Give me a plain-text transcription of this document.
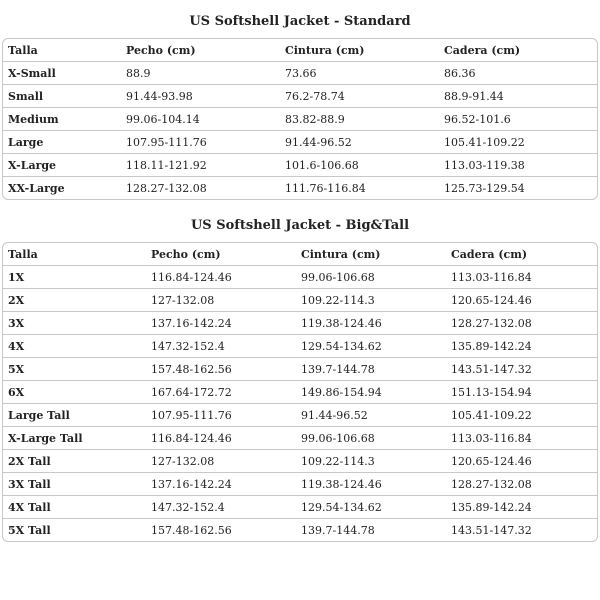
US Softshell Jacket - Standard
Talla	Pecho (cm)	Cintura (cm)	Cadera (cm)
X-Small	88.9	73.66	86.36
Small	91.44-93.98	76.2-78.74	88.9-91.44
Medium	99.06-104.14	83.82-88.9	96.52-101.6
Large	107.95-111.76	91.44-96.52	105.41-109.22
X-Large	118.11-121.92	101.6-106.68	113.03-119.38
XX-Large	128.27-132.08	111.76-116.84	125.73-129.54
US Softshell Jacket - Big&Tall
Talla	Pecho (cm)	Cintura (cm)	Cadera (cm)
1X	116.84-124.46	99.06-106.68	113.03-116.84
2X	127-132.08	109.22-114.3	120.65-124.46
3X	137.16-142.24	119.38-124.46	128.27-132.08
4X	147.32-152.4	129.54-134.62	135.89-142.24
5X	157.48-162.56	139.7-144.78	143.51-147.32
6X	167.64-172.72	149.86-154.94	151.13-154.94
Large Tall	107.95-111.76	91.44-96.52	105.41-109.22
X-Large Tall	116.84-124.46	99.06-106.68	113.03-116.84
2X Tall	127-132.08	109.22-114.3	120.65-124.46
3X Tall	137.16-142.24	119.38-124.46	128.27-132.08
4X Tall	147.32-152.4	129.54-134.62	135.89-142.24
5X Tall	157.48-162.56	139.7-144.78	143.51-147.32
